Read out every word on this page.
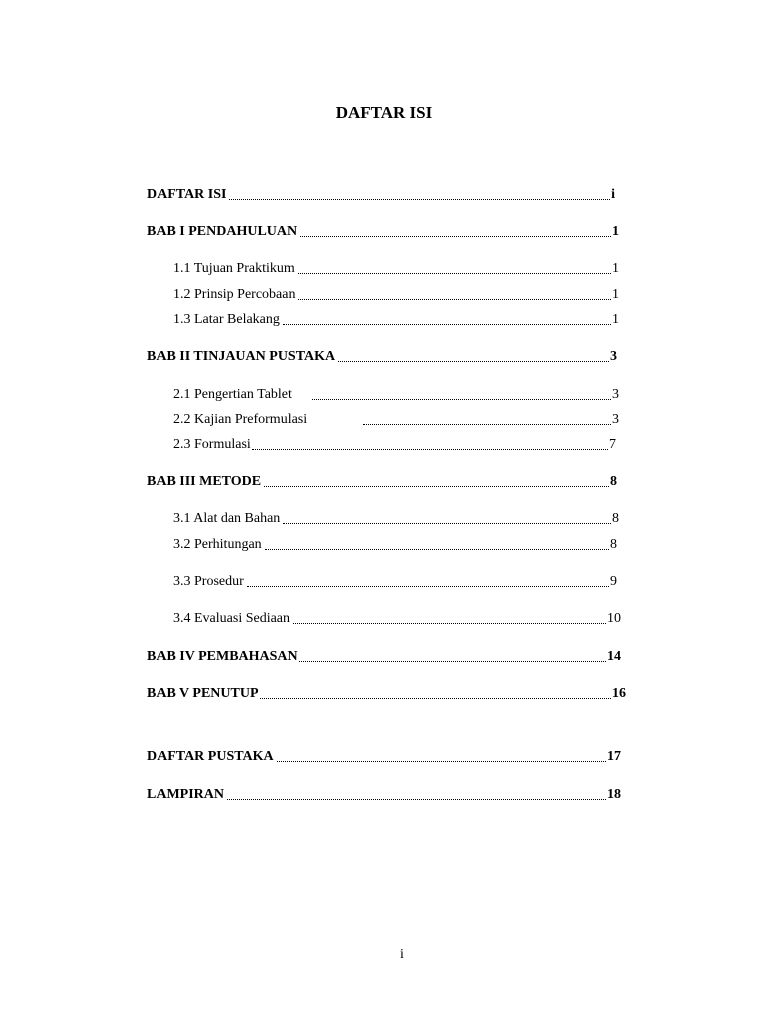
DAFTAR ISI
DAFTAR ISI	i
BAB I PENDAHULUAN	1
1.1 Tujuan Praktikum	1
1.2 Prinsip Percobaan	1
1.3 Latar Belakang	1
BAB II TINJAUAN PUSTAKA	3
2.1 Pengertian Tablet	3
2.2 Kajian Preformulasi	3
2.3 Formulasi	7
BAB III METODE	8
3.1 Alat dan Bahan	8
3.2 Perhitungan	8
3.3 Prosedur	9
3.4 Evaluasi Sediaan	10
BAB IV PEMBAHASAN	14
BAB V PENUTUP	16
DAFTAR PUSTAKA	17
LAMPIRAN	18
i
